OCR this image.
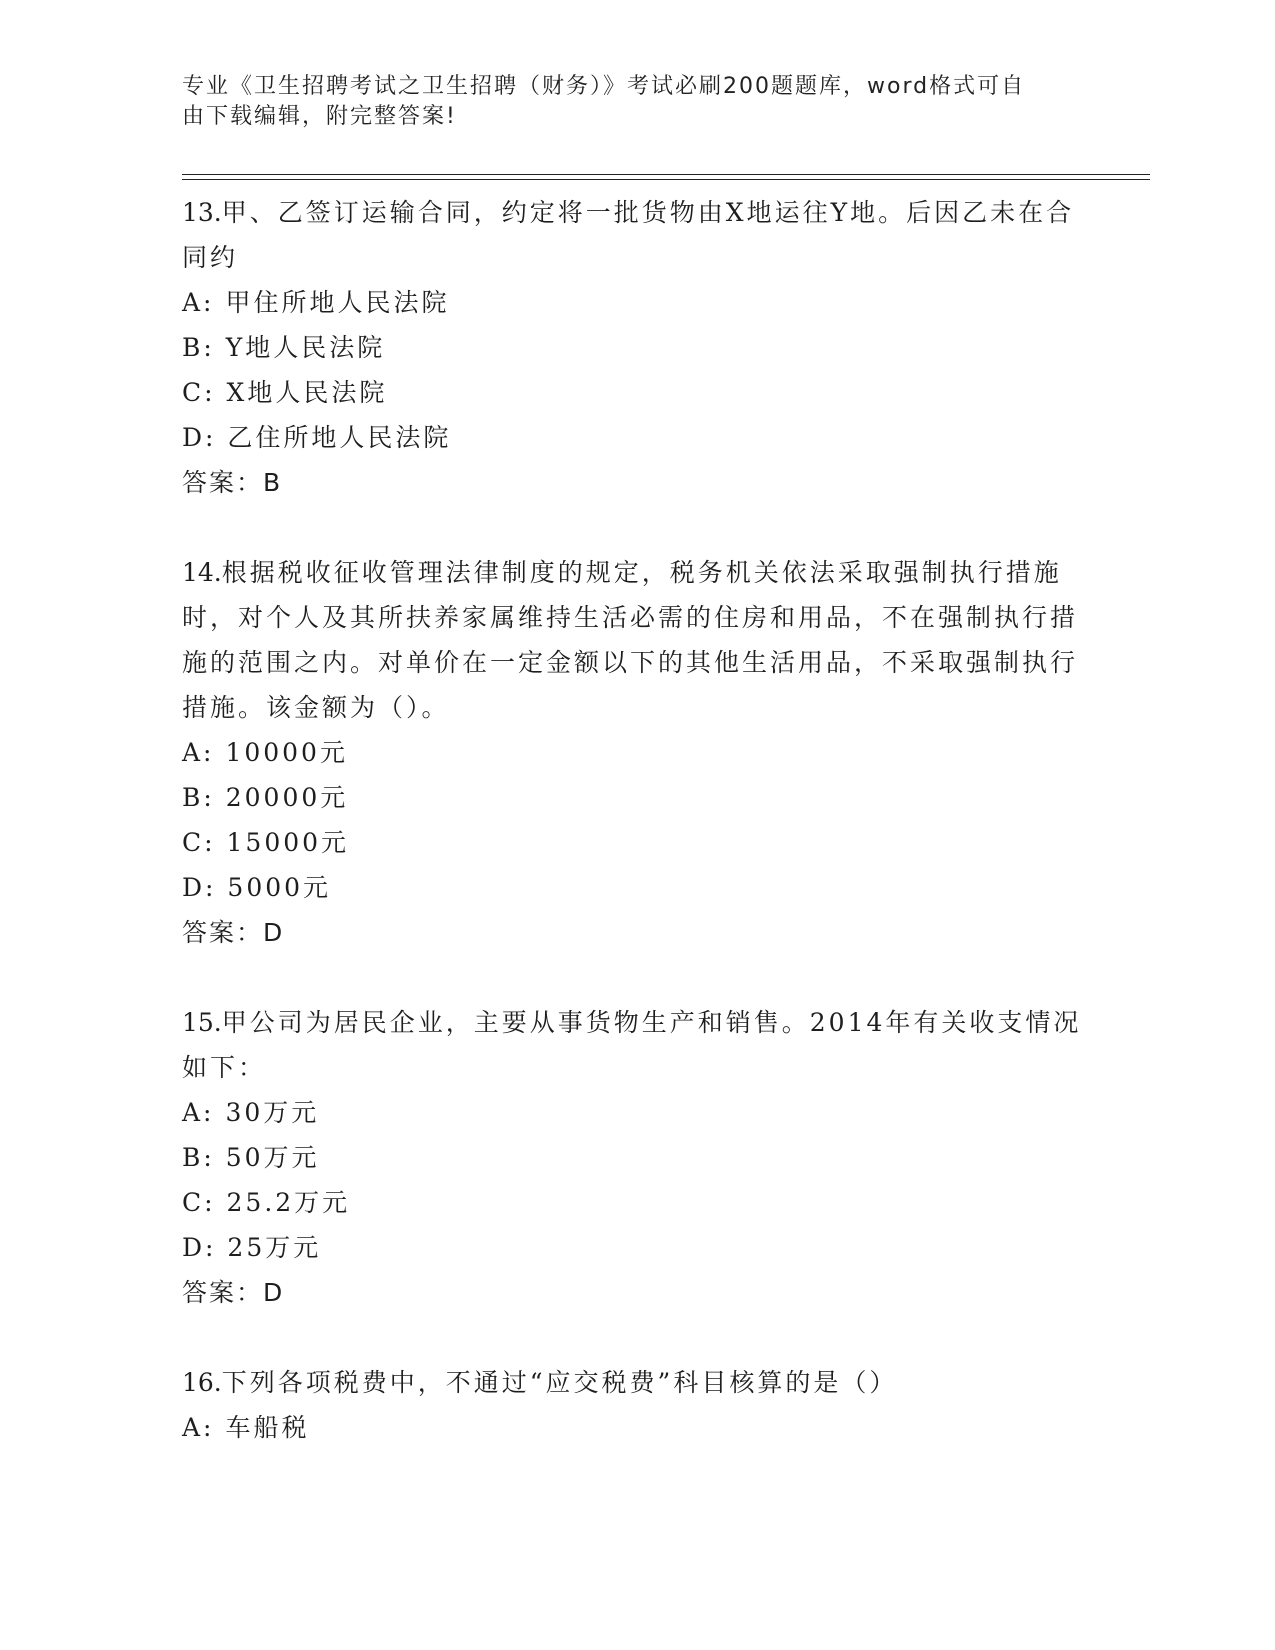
专业《卫生招聘考试之卫生招聘（财务）》考试必刷200题题库，word格式可自
由下载编辑，附完整答案!

13.甲、乙签订运输合同，约定将一批货物由X地运往Y地。后因乙未在合同约

A: 甲住所地人民法院

B: Y地人民法院

C: X地人民法院

D: 乙住所地人民法院

答案：B

14.根据税收征收管理法律制度的规定，税务机关依法采取强制执行措施时，对个人及其所扶养家属维持生活必需的住房和用品，不在强制执行措施的范围之内。对单价在一定金额以下的其他生活用品，不采取强制执行措施。该金额为（）。

A: 10000元

B: 20000元

C: 15000元

D: 5000元

答案：D

15.甲公司为居民企业，主要从事货物生产和销售。2014年有关收支情况如下：

A: 30万元

B: 50万元

C: 25.2万元

D: 25万元

答案：D

16.下列各项税费中，不通过“应交税费”科目核算的是（）

A: 车船税
